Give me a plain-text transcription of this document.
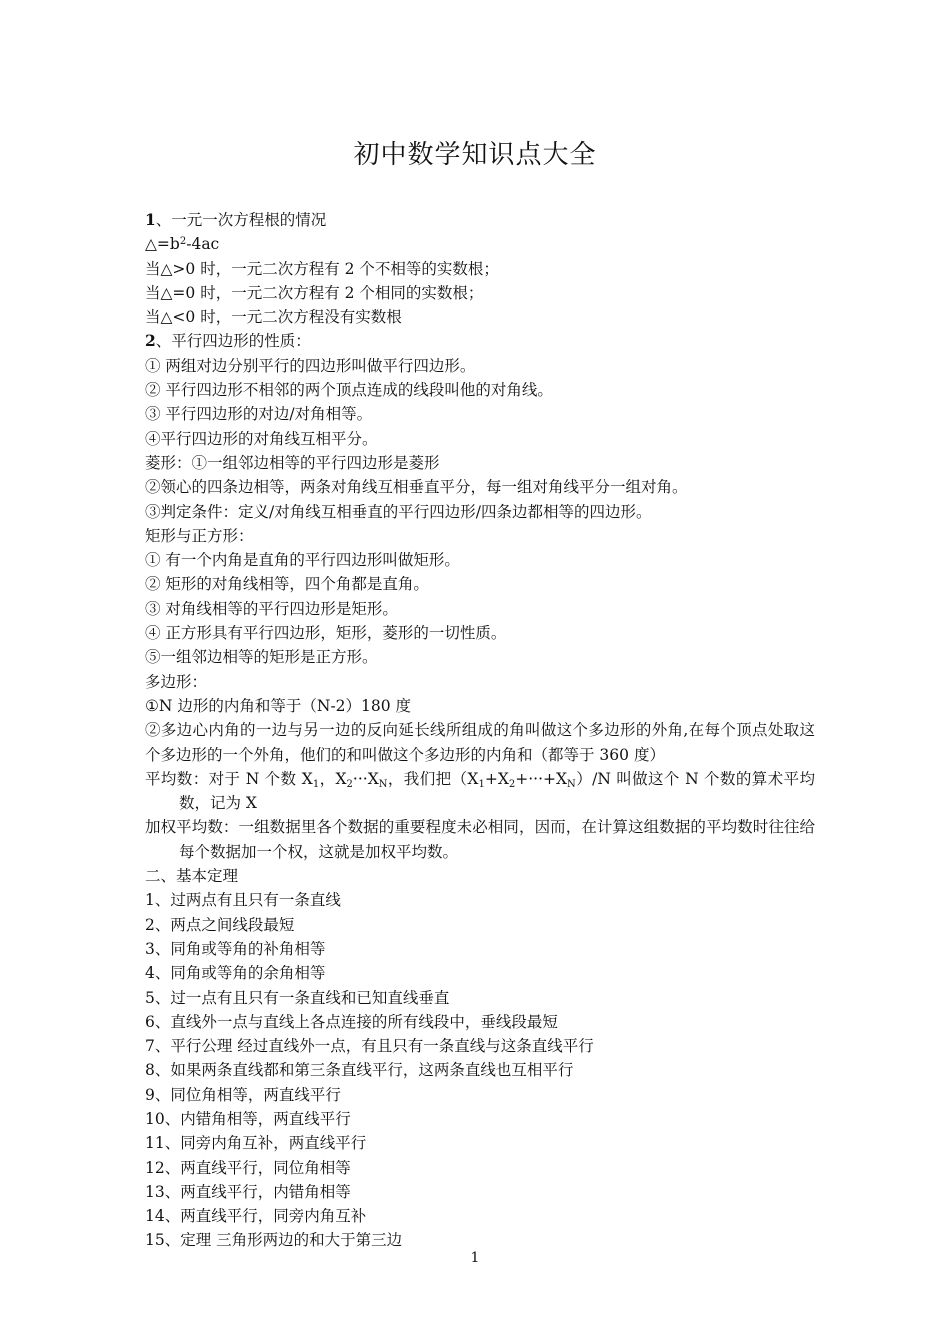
初中数学知识点大全
1、一元一次方程根的情况
$\triangle=b^2-4ac$
当△>0 时，一元二次方程有 2 个不相等的实数根；
当△=0 时，一元二次方程有 2 个相同的实数根；
当△<0 时，一元二次方程没有实数根
2、平行四边形的性质：
① 两组对边分别平行的四边形叫做平行四边形。
② 平行四边形不相邻的两个顶点连成的线段叫他的对角线。
③ 平行四边形的对边/对角相等。
④平行四边形的对角线互相平分。
菱形：①一组邻边相等的平行四边形是菱形
②领心的四条边相等，两条对角线互相垂直平分，每一组对角线平分一组对角。
③判定条件：定义/对角线互相垂直的平行四边形/四条边都相等的四边形。
矩形与正方形：
① 有一个内角是直角的平行四边形叫做矩形。
② 矩形的对角线相等，四个角都是直角。
③ 对角线相等的平行四边形是矩形。
④ 正方形具有平行四边形，矩形，菱形的一切性质。
⑤一组邻边相等的矩形是正方形。
多边形：
①N 边形的内角和等于（N-2）180 度
②多边心内角的一边与另一边的反向延长线所组成的角叫做这个多边形的外角,在每个顶点处取这个多边形的一个外角，他们的和叫做这个多边形的内角和（都等于 360 度）
平均数：对于 N 个数 $X_1$，$X_2\cdot\cdot\cdot X_N$，我们把$(X_1+X_2+\cdot\cdot\cdot+X_N)/N$ 叫做这个 N 个数的算术平均数，记为 X
加权平均数：一组数据里各个数据的重要程度未必相同，因而，在计算这组数据的平均数时往往给每个数据加一个权，这就是加权平均数。
二、基本定理
1、过两点有且只有一条直线
2、两点之间线段最短
3、同角或等角的补角相等
4、同角或等角的余角相等
5、过一点有且只有一条直线和已知直线垂直
6、直线外一点与直线上各点连接的所有线段中，垂线段最短
7、平行公理 经过直线外一点，有且只有一条直线与这条直线平行
8、如果两条直线都和第三条直线平行，这两条直线也互相平行
9、同位角相等，两直线平行
10、内错角相等，两直线平行
11、同旁内角互补，两直线平行
12、两直线平行，同位角相等
13、两直线平行，内错角相等
14、两直线平行，同旁内角互补
15、定理 三角形两边的和大于第三边
1
